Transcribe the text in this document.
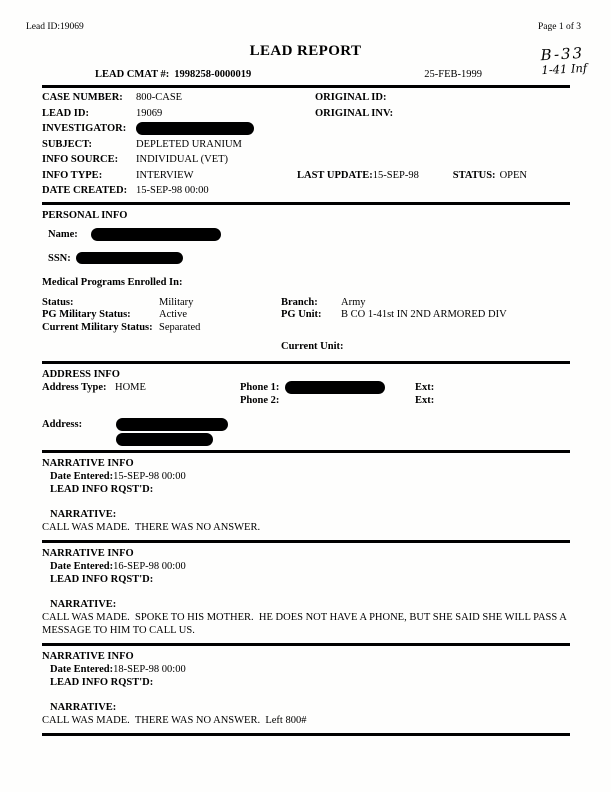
Lead ID:19069	Page 1 of 3
B-33
1-41 Inf
LEAD REPORT
LEAD CMAT #: 1998258-0000019	25-FEB-1999
CASE NUMBER:	800-CASE	ORIGINAL ID:
LEAD ID:	19069	ORIGINAL INV:
INVESTIGATOR:
SUBJECT:	DEPLETED URANIUM
INFO SOURCE:	INDIVIDUAL (VET)
INFO TYPE:	INTERVIEW	LAST UPDATE: 15-SEP-98	STATUS: OPEN
DATE CREATED: 15-SEP-98 00:00
PERSONAL INFO
Name:
SSN:
Medical Programs Enrolled In:
Status:	Military	Branch:	Army
PG Military Status:	Active	PG Unit:	B CO 1-41st IN 2ND ARMORED DIV
Current Military Status: Separated
Current Unit:
ADDRESS INFO
Address Type: HOME	Phone 1:	Ext:
Phone 2:	Ext:
Address:
NARRATIVE INFO
Date Entered: 15-SEP-98 00:00
LEAD INFO RQST'D:
NARRATIVE:
CALL WAS MADE.  THERE WAS NO ANSWER.
NARRATIVE INFO
Date Entered: 16-SEP-98 00:00
LEAD INFO RQST'D:
NARRATIVE:
CALL WAS MADE.  SPOKE TO HIS MOTHER.  HE DOES NOT HAVE A PHONE, BUT SHE SAID SHE WILL PASS A MESSAGE TO HIM TO CALL US.
NARRATIVE INFO
Date Entered: 18-SEP-98 00:00
LEAD INFO RQST'D:
NARRATIVE:
CALL WAS MADE.  THERE WAS NO ANSWER.  Left 800#
